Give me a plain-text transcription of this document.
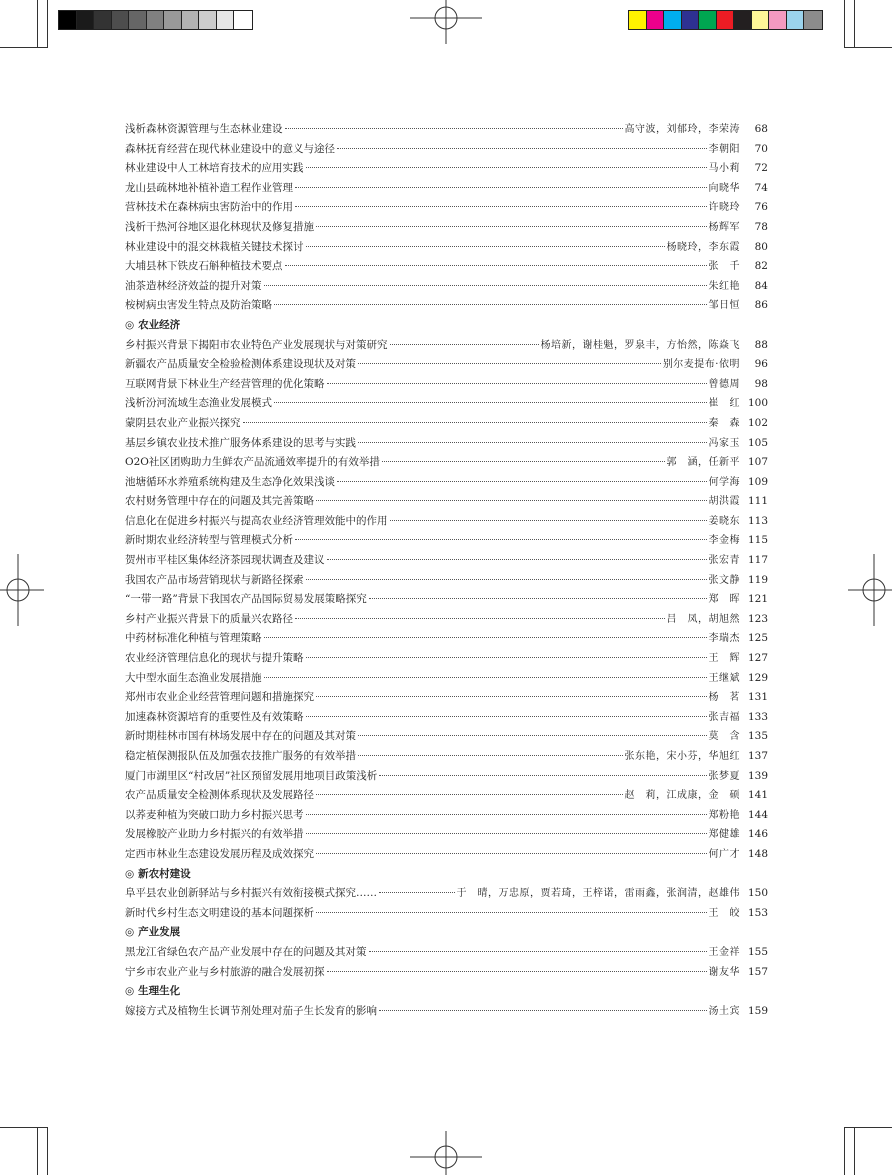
浅析森林资源管理与生态林业建设	高守波，刘郁玲，李荣涛	68
森林抚育经营在现代林业建设中的意义与途径	李朝阳	70
林业建设中人工林培育技术的应用实践	马小莉	72
龙山县疏林地补植补造工程作业管理	向晓华	74
营林技术在森林病虫害防治中的作用	许晓玲	76
浅析干热河谷地区退化林现状及修复措施	杨辉军	78
林业建设中的混交林栽植关键技术探讨	杨晓玲，李东霞	80
大埔县林下铁皮石斛种植技术要点	张　千	82
油茶造林经济效益的提升对策	朱红艳	84
桉树病虫害发生特点及防治策略	邹日恒	86
◎ 农业经济
乡村振兴背景下揭阳市农业特色产业发展现状与对策研究	杨培新，谢桂魁，罗泉丰，方怡然，陈焱飞	88
新疆农产品质量安全检验检测体系建设现状及对策	别尔麦提布·依明	96
互联网背景下林业生产经营管理的优化策略	曾德周	98
浅析汾河流域生态渔业发展模式	崔　红 100
蒙阴县农业产业振兴探究	秦　森 102
基层乡镇农业技术推广服务体系建设的思考与实践	冯家玉 105
O2O社区团购助力生鲜农产品流通效率提升的有效举措	郭　涵，任新平 107
池塘循环水养殖系统构建及生态净化效果浅谈	何学海 109
农村财务管理中存在的问题及其完善策略	胡洪霞 111
信息化在促进乡村振兴与提高农业经济管理效能中的作用	姜晓东 113
新时期农业经济转型与管理模式分析	李金梅 115
贺州市平桂区集体经济茶园现状调查及建议	张宏青 117
我国农产品市场营销现状与新路径探索	张文静 119
“一带一路”背景下我国农产品国际贸易发展策略探究	郑　晖 121
乡村产业振兴背景下的质量兴农路径	吕　凤，胡旭然 123
中药材标准化种植与管理策略	李瑞杰 125
农业经济管理信息化的现状与提升策略	王　辉 127
大中型水面生态渔业发展措施	王继斌 129
郑州市农业企业经营管理问题和措施探究	杨　茗 131
加速森林资源培育的重要性及有效策略	张吉福 133
新时期桂林市国有林场发展中存在的问题及其对策	莫　含 135
稳定植保测报队伍及加强农技推广服务的有效举措	张东艳，宋小芬，华旭红 137
厦门市湖里区“村改居”社区预留发展用地项目政策浅析	张梦夏 139
农产品质量安全检测体系现状及发展路径	赵　莉，江成康，金　硕 141
以荞麦种植为突破口助力乡村振兴思考	郑粉艳 144
发展橡胶产业助力乡村振兴的有效举措	郑健雄 146
定西市林业生态建设发展历程及成效探究	何广才 148
◎ 新农村建设
阜平县农业创新驿站与乡村振兴有效衔接模式探究……	于　晴，万忠原，贾若琦，王梓诺，雷雨鑫，张润清，赵雄伟 150
新时代乡村生态文明建设的基本问题探析	王　皎 153
◎ 产业发展
黑龙江省绿色农产品产业发展中存在的问题及其对策	王金祥 155
宁乡市农业产业与乡村旅游的融合发展初探	谢友华 157
◎ 生理生化
嫁接方式及植物生长调节剂处理对茄子生长发育的影响	汤土宾 159
